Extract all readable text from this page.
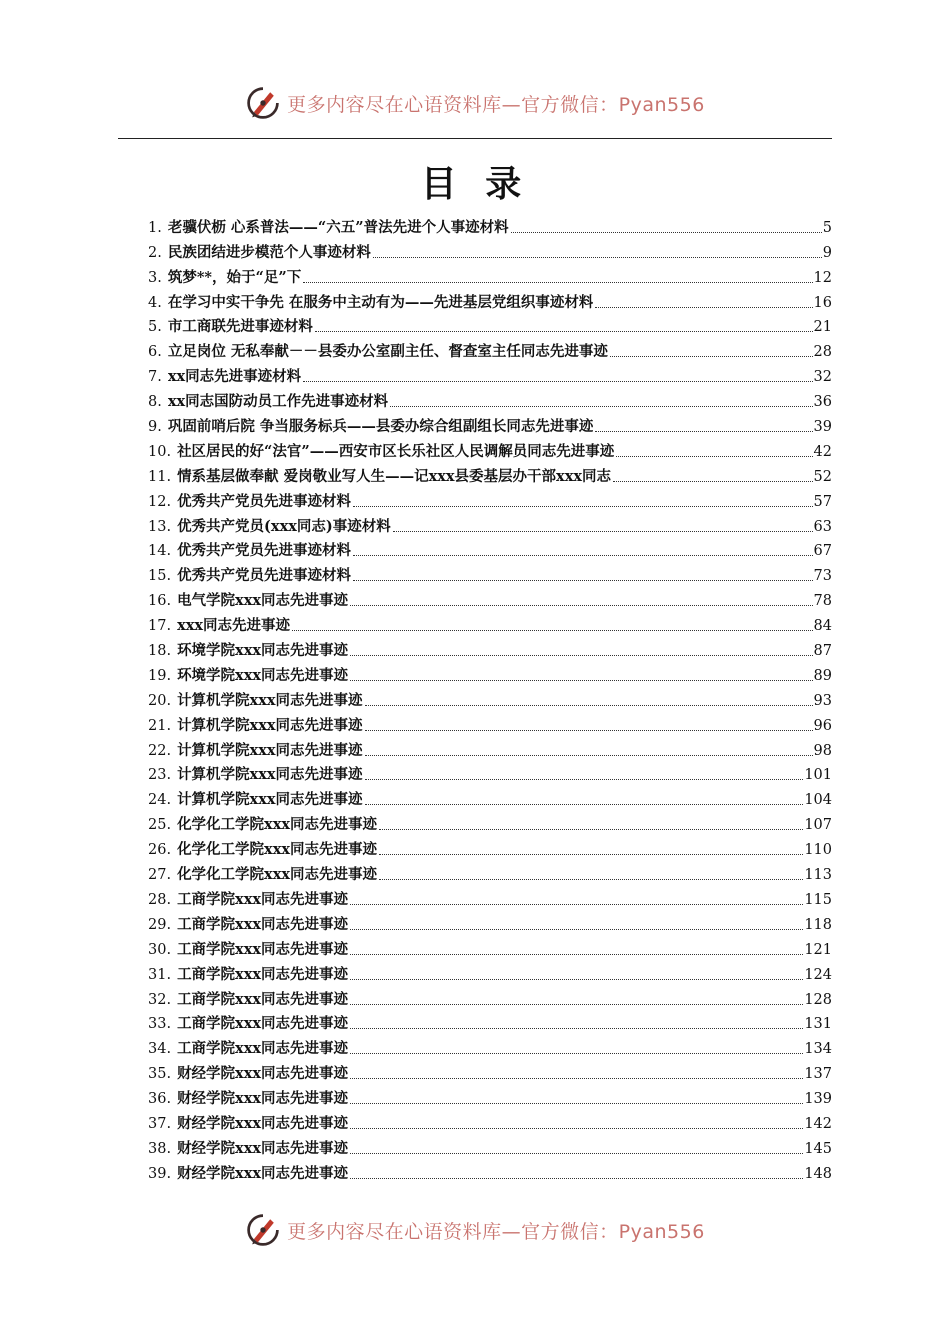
更多内容尽在心语资料库—官方微信：Pyan556
目 录
1. 老骥伏枥 心系普法——“六五”普法先进个人事迹材料	5
2. 民族团结进步模范个人事迹材料	9
3. 筑梦**，始于“足”下	12
4. 在学习中实干争先 在服务中主动有为——先进基层党组织事迹材料	16
5. 市工商联先进事迹材料	21
6. 立足岗位 无私奉献－－县委办公室副主任、督查室主任同志先进事迹	28
7. xx同志先进事迹材料	32
8. xx同志国防动员工作先进事迹材料	36
9. 巩固前哨后院 争当服务标兵——县委办综合组副组长同志先进事迹	39
10. 社区居民的好“法官”——西安市区长乐社区人民调解员同志先进事迹	42
11. 情系基层做奉献 爱岗敬业写人生——记xxx县委基层办干部xxx同志	52
12. 优秀共产党员先进事迹材料	57
13. 优秀共产党员(xxx同志)事迹材料	63
14. 优秀共产党员先进事迹材料	67
15. 优秀共产党员先进事迹材料	73
16. 电气学院xxx同志先进事迹	78
17. xxx同志先进事迹	84
18. 环境学院xxx同志先进事迹	87
19. 环境学院xxx同志先进事迹	89
20. 计算机学院xxx同志先进事迹	93
21. 计算机学院xxx同志先进事迹	96
22. 计算机学院xxx同志先进事迹	98
23. 计算机学院xxx同志先进事迹	101
24. 计算机学院xxx同志先进事迹	104
25. 化学化工学院xxx同志先进事迹	107
26. 化学化工学院xxx同志先进事迹	110
27. 化学化工学院xxx同志先进事迹	113
28. 工商学院xxx同志先进事迹	115
29. 工商学院xxx同志先进事迹	118
30. 工商学院xxx同志先进事迹	121
31. 工商学院xxx同志先进事迹	124
32. 工商学院xxx同志先进事迹	128
33. 工商学院xxx同志先进事迹	131
34. 工商学院xxx同志先进事迹	134
35. 财经学院xxx同志先进事迹	137
36. 财经学院xxx同志先进事迹	139
37. 财经学院xxx同志先进事迹	142
38. 财经学院xxx同志先进事迹	145
39. 财经学院xxx同志先进事迹	148
更多内容尽在心语资料库—官方微信：Pyan556
